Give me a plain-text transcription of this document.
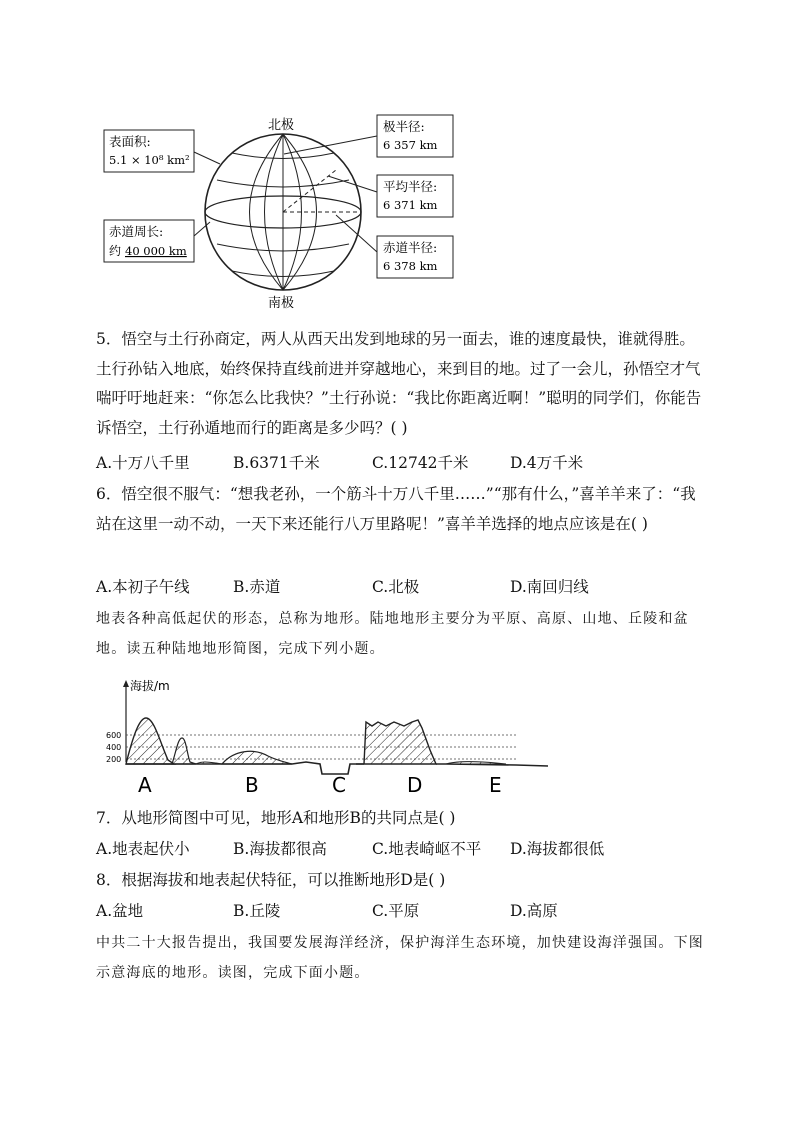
北极
南极
表面积:
5.1 × 10⁸ km²
赤道周长:
约 40 000 km
极半径:
6 357 km
平均半径:
6 371 km
赤道半径:
6 378 km
5．悟空与土行孙商定，两人从西天出发到地球的另一面去，谁的速度最快，谁就得胜。土行孙钻入地底，始终保持直线前进并穿越地心，来到目的地。过了一会儿，孙悟空才气喘吁吁地赶来：“你怎么比我快？”土行孙说：“我比你距离近啊！”聪明的同学们，你能告诉悟空，土行孙遁地而行的距离是多少吗？( )
A.十万八千里	B.6371千米	C.12742千米	D.4万千米
6．悟空很不服气：“想我老孙，一个筋斗十万八千里……”“那有什么，”喜羊羊来了：“我站在这里一动不动，一天下来还能行八万里路呢！”喜羊羊选择的地点应该是在( )
A.本初子午线	B.赤道	C.北极	D.南回归线
地表各种高低起伏的形态，总称为地形。陆地地形主要分为平原、高原、山地、丘陵和盆地。读五种陆地地形简图，完成下列小题。
海拔/m
600
400
200
A	B	C	D	E
7．从地形简图中可见，地形A和地形B的共同点是( )
A.地表起伏小	B.海拔都很高	C.地表崎岖不平 D.海拔都很低
8．根据海拔和地表起伏特征，可以推断地形D是( )
A.盆地	B.丘陵	C.平原	D.高原
中共二十大报告提出，我国要发展海洋经济，保护海洋生态环境，加快建设海洋强国。下图示意海底的地形。读图，完成下面小题。
